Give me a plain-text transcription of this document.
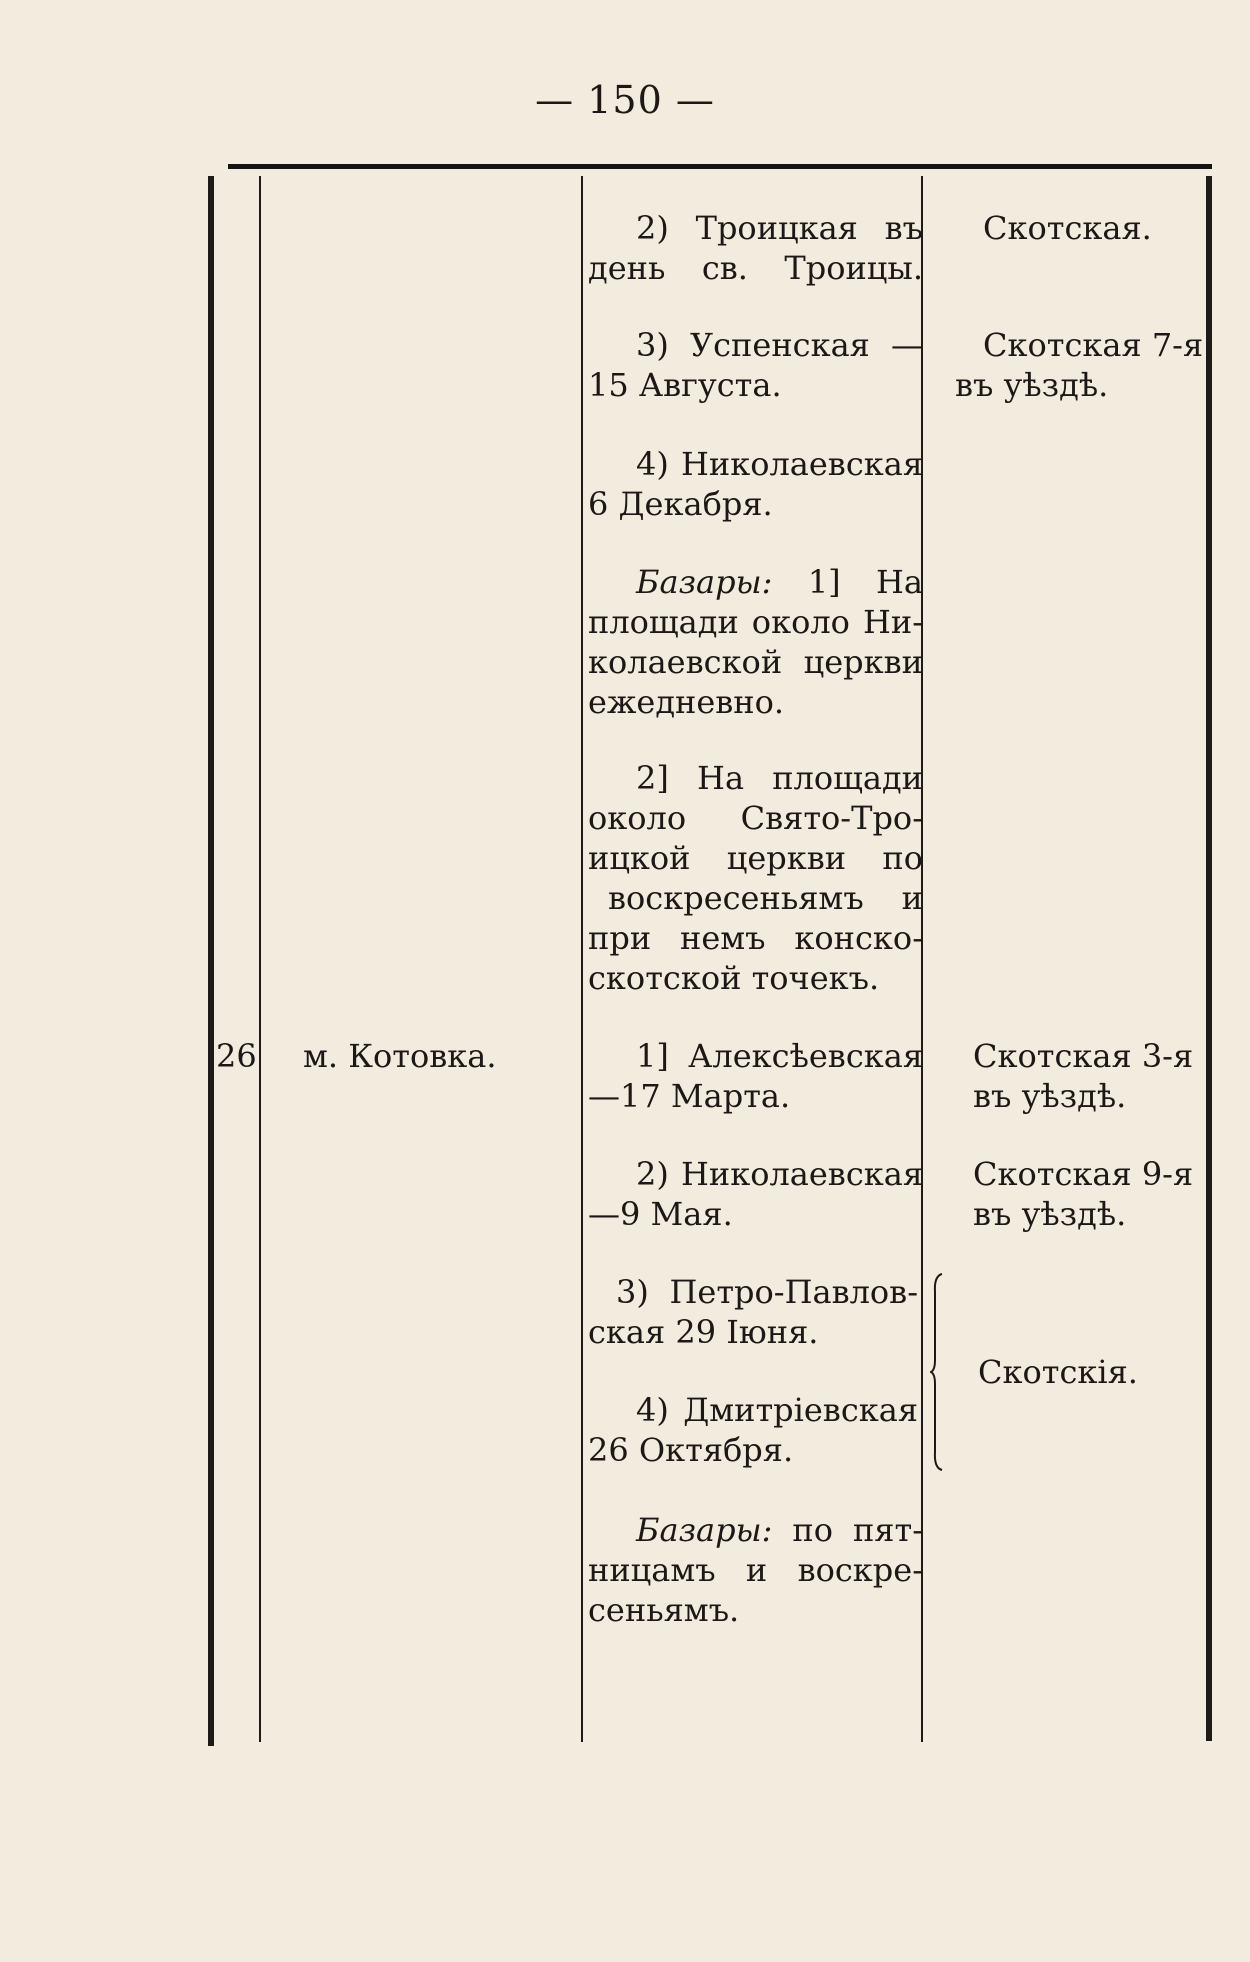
— 150 —
2) Троицкая въ
день св. Троицы.
Скотская.
3) Успенская —
15 Августа.
Скотская 7-я
въ уѣздѣ.
4) Николаевская
6 Декабря.
Базары: 1] На
площади около Ни-
колаевской церкви
ежедневно.
2] На площади
около Свято-Тро-
ицкой церкви по
воскресеньямъ и
при немъ конско-
скотской точекъ.
26 м. Котовка.	1] Алексѣевская
—17 Марта.
Скотская 3-я
въ уѣздѣ.
2) Николаевская
—9 Мая.
Скотская 9-я
въ уѣздѣ.
3) Петро-Павлов-
ская 29 Іюня.
4) Дмитріевская
26 Октября.
Скотскія.
Базары: по пят-
ницамъ и воскре-
сеньямъ.
